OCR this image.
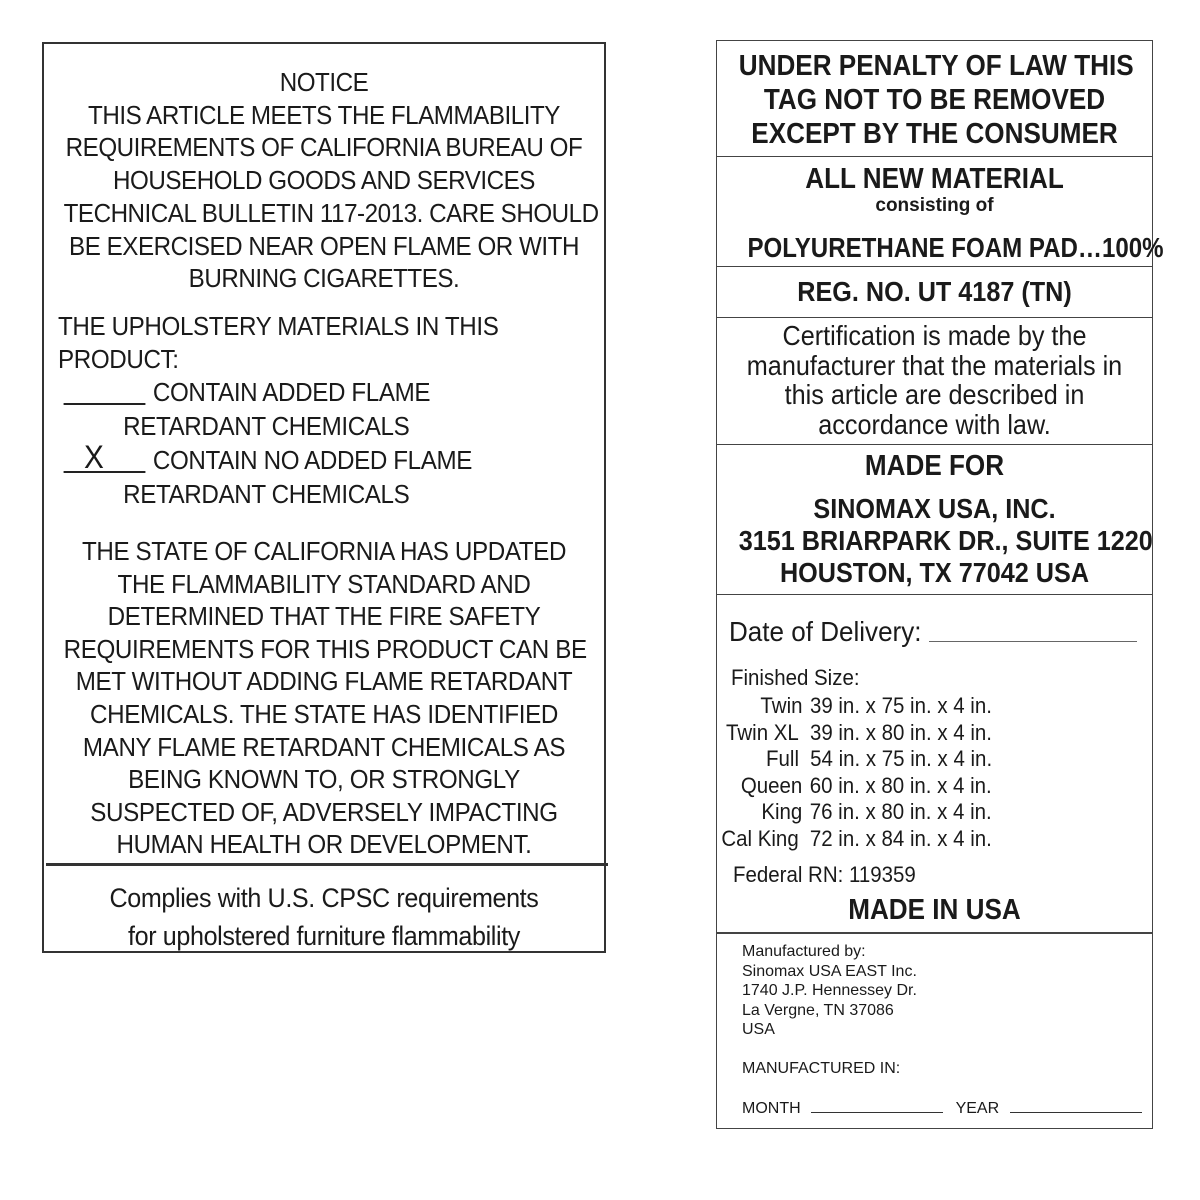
NOTICE
THIS ARTICLE MEETS THE FLAMMABILITY
REQUIREMENTS OF CALIFORNIA BUREAU OF
HOUSEHOLD GOODS AND SERVICES
TECHNICAL BULLETIN 117-2013. CARE SHOULD
BE EXERCISED NEAR OPEN FLAME OR WITH
BURNING CIGARETTES.
THE UPHOLSTERY MATERIALS IN THIS
PRODUCT:
CONTAIN ADDED FLAME
RETARDANT CHEMICALS
X CONTAIN NO ADDED FLAME
RETARDANT CHEMICALS
THE STATE OF CALIFORNIA HAS UPDATED
THE FLAMMABILITY STANDARD AND
DETERMINED THAT THE FIRE SAFETY
REQUIREMENTS FOR THIS PRODUCT CAN BE
MET WITHOUT ADDING FLAME RETARDANT
CHEMICALS. THE STATE HAS IDENTIFIED
MANY FLAME RETARDANT CHEMICALS AS
BEING KNOWN TO, OR STRONGLY
SUSPECTED OF, ADVERSELY IMPACTING
HUMAN HEALTH OR DEVELOPMENT.
Complies with U.S. CPSC requirements
for upholstered furniture flammability
UNDER PENALTY OF LAW THIS
TAG NOT TO BE REMOVED
EXCEPT BY THE CONSUMER
ALL NEW MATERIAL
consisting of
POLYURETHANE FOAM PAD…100%
REG. NO. UT 4187 (TN)
Certification is made by the
manufacturer that the materials in
this article are described in
accordance with law.
MADE FOR
SINOMAX USA, INC.
3151 BRIARPARK DR., SUITE 1220
HOUSTON, TX 77042 USA
Date of Delivery:
Finished Size:
Twin 39 in. x 75 in. x 4 in.
Twin XL 39 in. x 80 in. x 4 in.
Full 54 in. x 75 in. x 4 in.
Queen 60 in. x 80 in. x 4 in.
King 76 in. x 80 in. x 4 in.
Cal King 72 in. x 84 in. x 4 in.
Federal RN: 119359
MADE IN USA
Manufactured by:
Sinomax USA EAST Inc.
1740 J.P. Hennessey Dr.
La Vergne, TN 37086
USA
MANUFACTURED IN:
MONTH	YEAR
